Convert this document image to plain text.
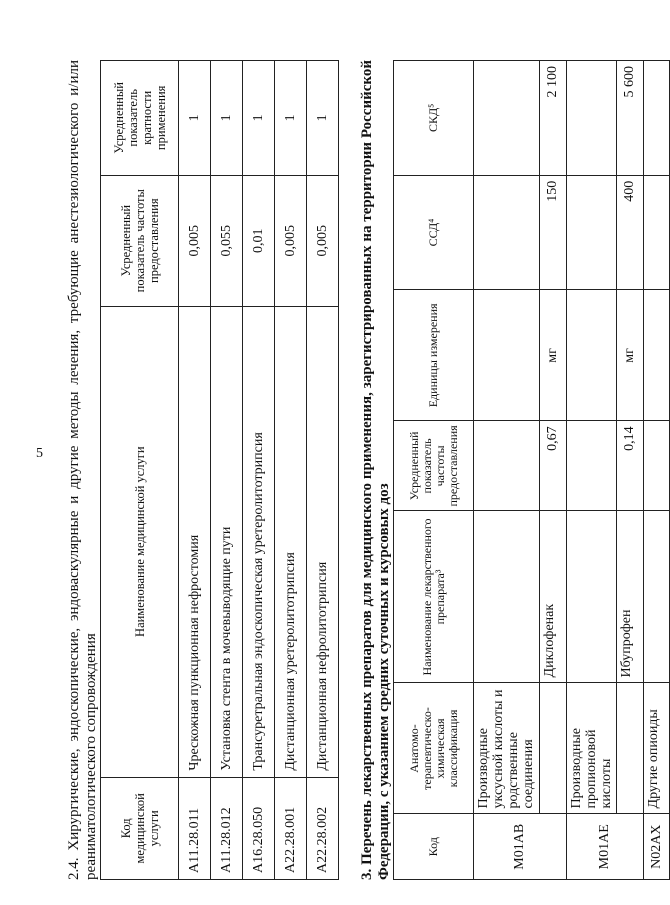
5
2.4. Хирургические, эндоскопические, эндоваскулярные и другие методы лечения, требующие анестезиологического и/или реаниматологического сопровождения Код медицинской услуги	Наименование медицинской услуги	Усредненный показатель частоты предоставления	Усредненный показатель кратности применения
A11.28.011	Чрескожная пункционная нефростомия	0,005	1
A11.28.012	Установка стента в мочевыводящие пути	0,055	1
A16.28.050	Трансуретральная эндоскопическая уретеролитотрипсия	0,01	1
A22.28.001	Дистанционная уретеролитотрипсия	0,005	1
A22.28.002	Дистанционная нефролитотрипсия	0,005	1
3. Перечень лекарственных препаратов для медицинского применения, зарегистрированных на территории Российской Федерации, с указанием средних суточных и курсовых доз	Код	Анатомо-терапевтическо-химическая классификация	Наименование лекарственного препарата³	Усредненный показатель частоты предоставления	Единицы измерения	ССД⁴	СКД⁵
M01AB	Производные уксусной кислоты и родственные соединения					
		Диклофенак	0,67	мг	150	2 100
M01AE	Производные пропионовой кислоты					
		Ибупрофен	0,14	мг	400	5 600
N02AX	Другие опиоиды					
